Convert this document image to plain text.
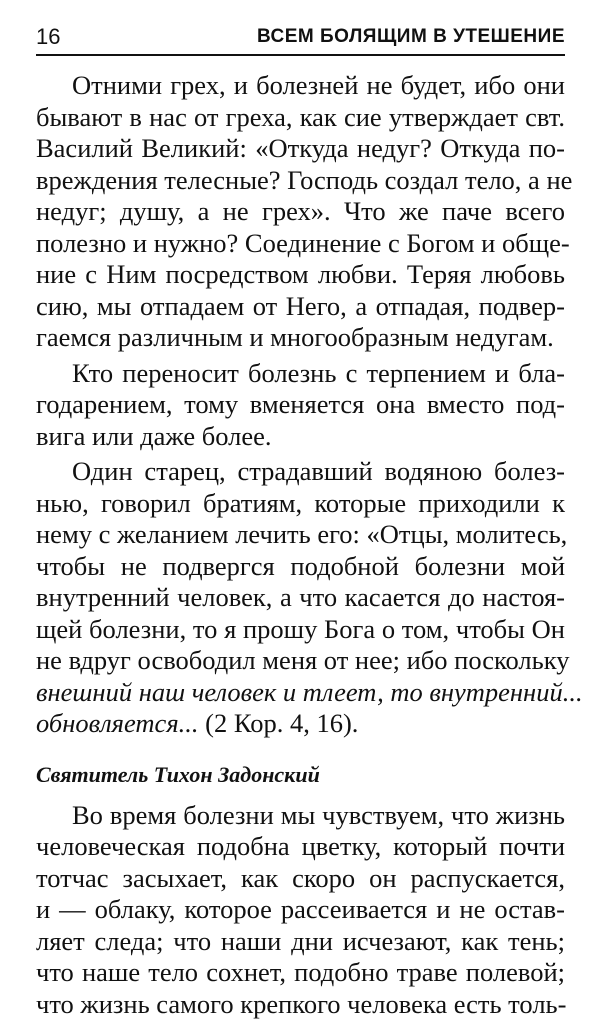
16	ВСЕМ БОЛЯЩИМ В УТЕШЕНИЕ
Отними грех, и болезней не будет, ибо они
бывают в нас от греха, как сие утверждает свт.
Василий Великий: «Откуда недуг? Откуда по-
вреждения телесные? Господь создал тело, а не
недуг; душу, а не грех». Что же паче всего
полезно и нужно? Соединение с Богом и обще-
ние с Ним посредством любви. Теряя любовь
сию, мы отпадаем от Него, а отпадая, подвер-
гаемся различным и многообразным недугам.
Кто переносит болезнь с терпением и бла-
годарением, тому вменяется она вместо под-
вига или даже более.
Один старец, страдавший водяною болез-
нью, говорил братиям, которые приходили к
нему с желанием лечить его: «Отцы, молитесь,
чтобы не подвергся подобной болезни мой
внутренний человек, а что касается до настоя-
щей болезни, то я прошу Бога о том, чтобы Он
не вдруг освободил меня от нее; ибо поскольку
внешний наш человек и тлеет, то внутренний...
обновляется... (2 Кор. 4, 16).
Святитель Тихон Задонский
Во время болезни мы чувствуем, что жизнь
человеческая подобна цветку, который почти
тотчас засыхает, как скоро он распускается,
и — облаку, которое рассеивается и не остав-
ляет следа; что наши дни исчезают, как тень;
что наше тело сохнет, подобно траве полевой;
что жизнь самого крепкого человека есть толь-
